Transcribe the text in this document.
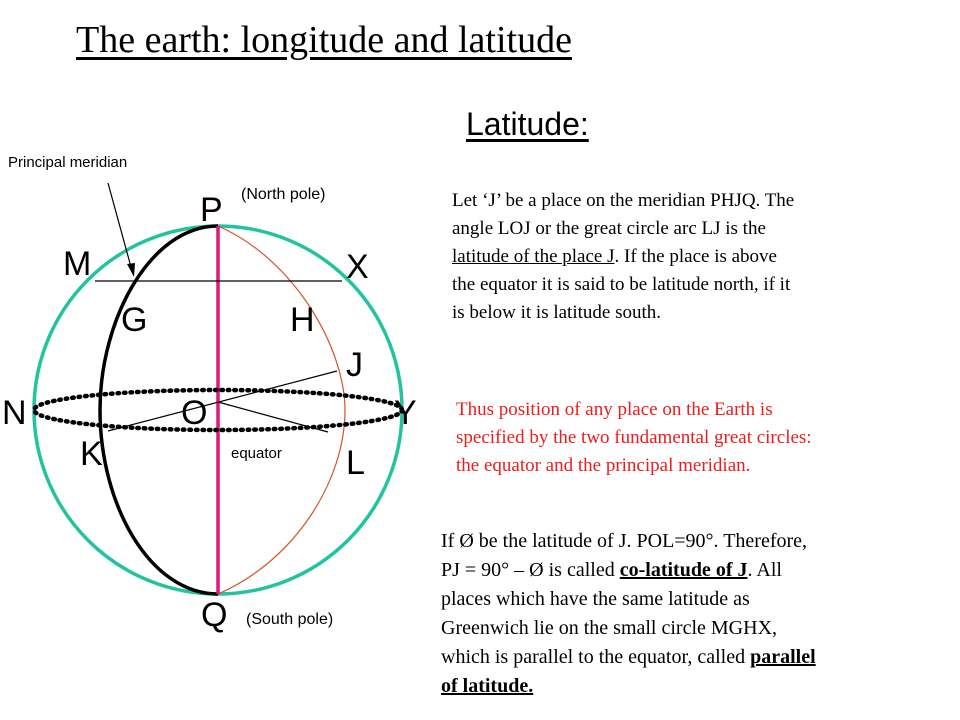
The earth: longitude and latitude
Latitude:
Principal meridian
(North pole)
(South pole)
equator
P
Q
M	X
G	H
J
N	O	Y
K	L
Let ‘J’ be a place on the meridian PHJQ. The
angle LOJ or the great circle arc LJ is the
latitude of the place J. If the place is above
the equator it is said to be latitude north, if it
is below it is latitude south.
Thus position of any place on the Earth is
specified by the two fundamental great circles:
the equator and the principal meridian.
If Ø be the latitude of J. POL=90°. Therefore,
PJ = 90° – Ø is called co-latitude of J. All
places which have the same latitude as
Greenwich lie on the small circle MGHX,
which is parallel to the equator, called parallel
of latitude.
